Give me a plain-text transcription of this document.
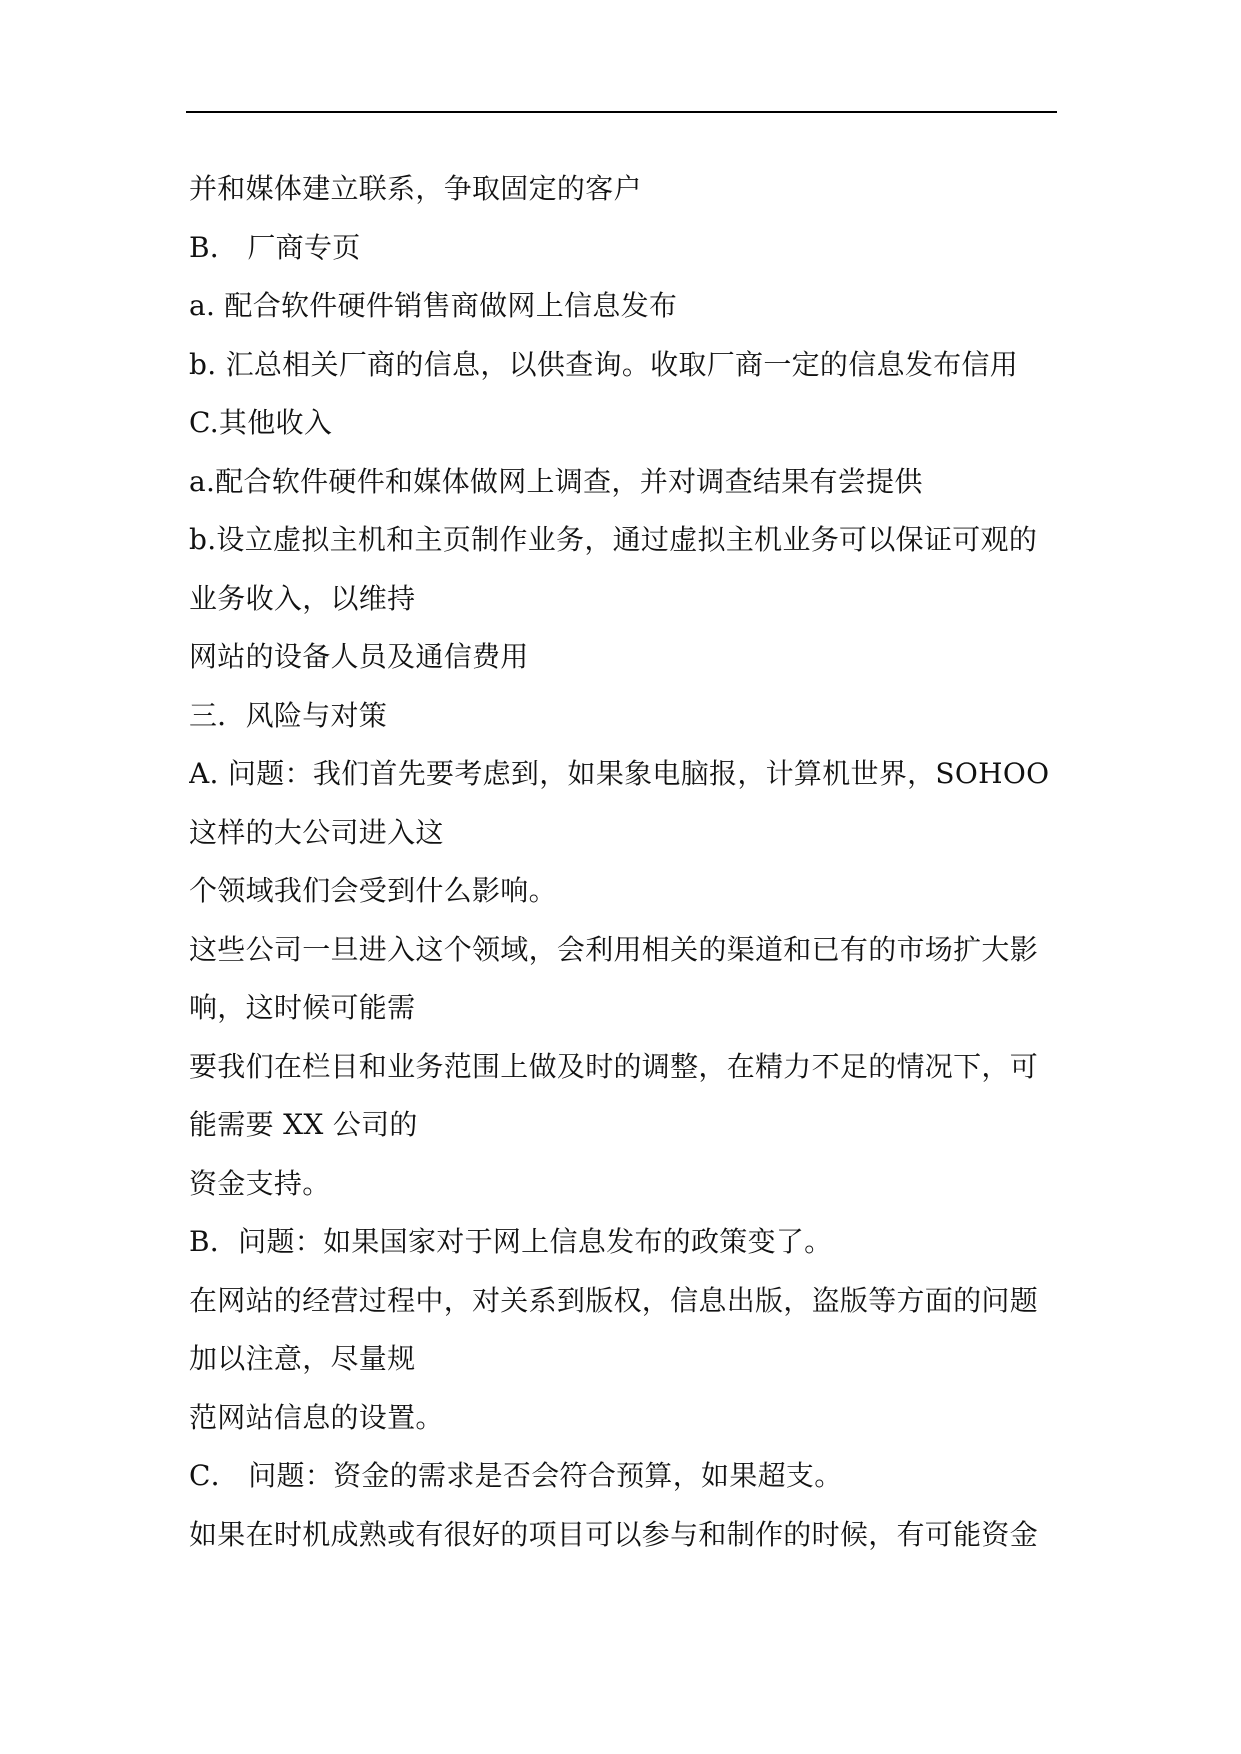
并和媒体建立联系，争取固定的客户
B． 厂商专页
a. 配合软件硬件销售商做网上信息发布
b. 汇总相关厂商的信息，以供查询。收取厂商一定的信息发布信用
C.其他收入
a.配合软件硬件和媒体做网上调查，并对调查结果有尝提供
b.设立虚拟主机和主页制作业务，通过虚拟主机业务可以保证可观的
业务收入，以维持
网站的设备人员及通信费用
三．风险与对策
A. 问题：我们首先要考虑到，如果象电脑报，计算机世界，SOHOO
这样的大公司进入这
个领域我们会受到什么影响。
这些公司一旦进入这个领域，会利用相关的渠道和已有的市场扩大影
响，这时候可能需
要我们在栏目和业务范围上做及时的调整，在精力不足的情况下，可
能需要 XX 公司的
资金支持。
B．问题：如果国家对于网上信息发布的政策变了。
在网站的经营过程中，对关系到版权，信息出版，盗版等方面的问题
加以注意，尽量规
范网站信息的设置。
C． 问题：资金的需求是否会符合预算，如果超支。
如果在时机成熟或有很好的项目可以参与和制作的时候，有可能资金
